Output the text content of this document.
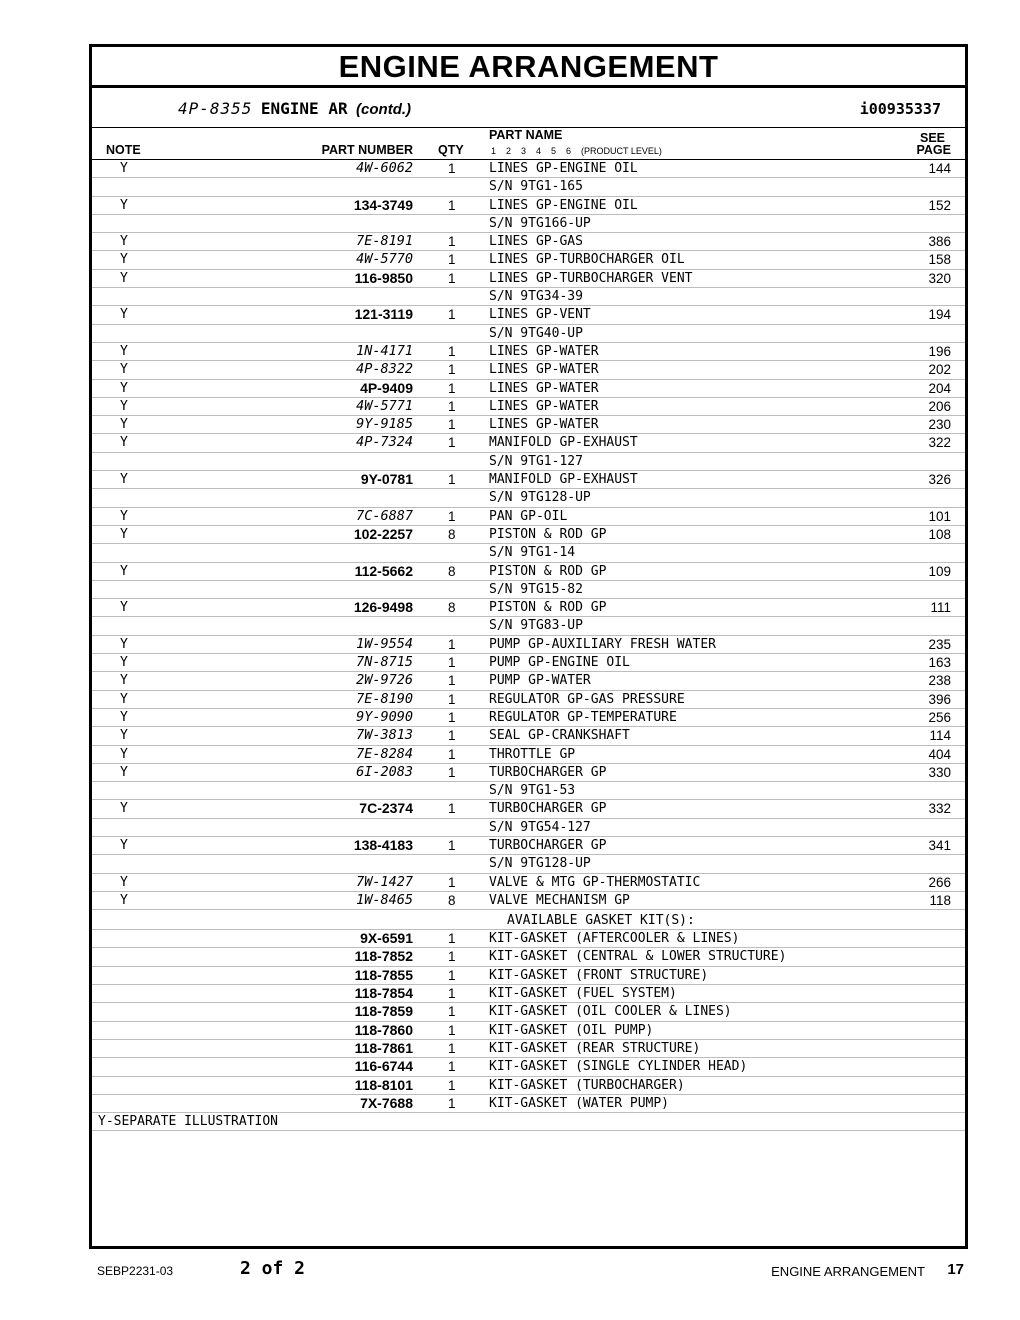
ENGINE ARRANGEMENT
4P-8355 ENGINE AR (contd.)	i00935337
NOTE	PART NUMBER QTY
PART NAME
1    2    3    4    5    6    (PRODUCT LEVEL)
SEE
PAGE
Y	4W-6062	1	LINES GP-ENGINE OIL	144
S/N 9TG1-165
Y	134-3749	1	LINES GP-ENGINE OIL	152
S/N 9TG166-UP
Y	7E-8191	1	LINES GP-GAS	386
Y	4W-5770	1	LINES GP-TURBOCHARGER OIL	158
Y	116-9850	1	LINES GP-TURBOCHARGER VENT	320
S/N 9TG34-39
Y	121-3119	1	LINES GP-VENT	194
S/N 9TG40-UP
Y	1N-4171	1	LINES GP-WATER	196
Y	4P-8322	1	LINES GP-WATER	202
Y	4P-9409	1	LINES GP-WATER	204
Y	4W-5771	1	LINES GP-WATER	206
Y	9Y-9185	1	LINES GP-WATER	230
Y	4P-7324	1	MANIFOLD GP-EXHAUST	322
S/N 9TG1-127
Y	9Y-0781	1	MANIFOLD GP-EXHAUST	326
S/N 9TG128-UP
Y	7C-6887	1	PAN GP-OIL	101
Y	102-2257	8	PISTON & ROD GP	108
S/N 9TG1-14
Y	112-5662	8	PISTON & ROD GP	109
S/N 9TG15-82
Y	126-9498	8	PISTON & ROD GP	111
S/N 9TG83-UP
Y	1W-9554	1	PUMP GP-AUXILIARY FRESH WATER	235
Y	7N-8715	1	PUMP GP-ENGINE OIL	163
Y	2W-9726	1	PUMP GP-WATER	238
Y	7E-8190	1	REGULATOR GP-GAS PRESSURE	396
Y	9Y-9090	1	REGULATOR GP-TEMPERATURE	256
Y	7W-3813	1	SEAL GP-CRANKSHAFT	114
Y	7E-8284	1	THROTTLE GP	404
Y	6I-2083	1	TURBOCHARGER GP	330
S/N 9TG1-53
Y	7C-2374	1	TURBOCHARGER GP	332
S/N 9TG54-127
Y	138-4183	1	TURBOCHARGER GP	341
S/N 9TG128-UP
Y	7W-1427	1	VALVE & MTG GP-THERMOSTATIC	266
Y	1W-8465	8	VALVE MECHANISM GP	118
AVAILABLE GASKET KIT(S):
9X-6591	1	KIT-GASKET (AFTERCOOLER & LINES)
118-7852	1	KIT-GASKET (CENTRAL & LOWER STRUCTURE)
118-7855	1	KIT-GASKET (FRONT STRUCTURE)
118-7854	1	KIT-GASKET (FUEL SYSTEM)
118-7859	1	KIT-GASKET (OIL COOLER & LINES)
118-7860	1	KIT-GASKET (OIL PUMP)
118-7861	1	KIT-GASKET (REAR STRUCTURE)
116-6744	1	KIT-GASKET (SINGLE CYLINDER HEAD)
118-8101	1	KIT-GASKET (TURBOCHARGER)
7X-7688	1	KIT-GASKET (WATER PUMP)
Y-SEPARATE ILLUSTRATION
SEBP2231-03	2 of 2	ENGINE ARRANGEMENT 17
